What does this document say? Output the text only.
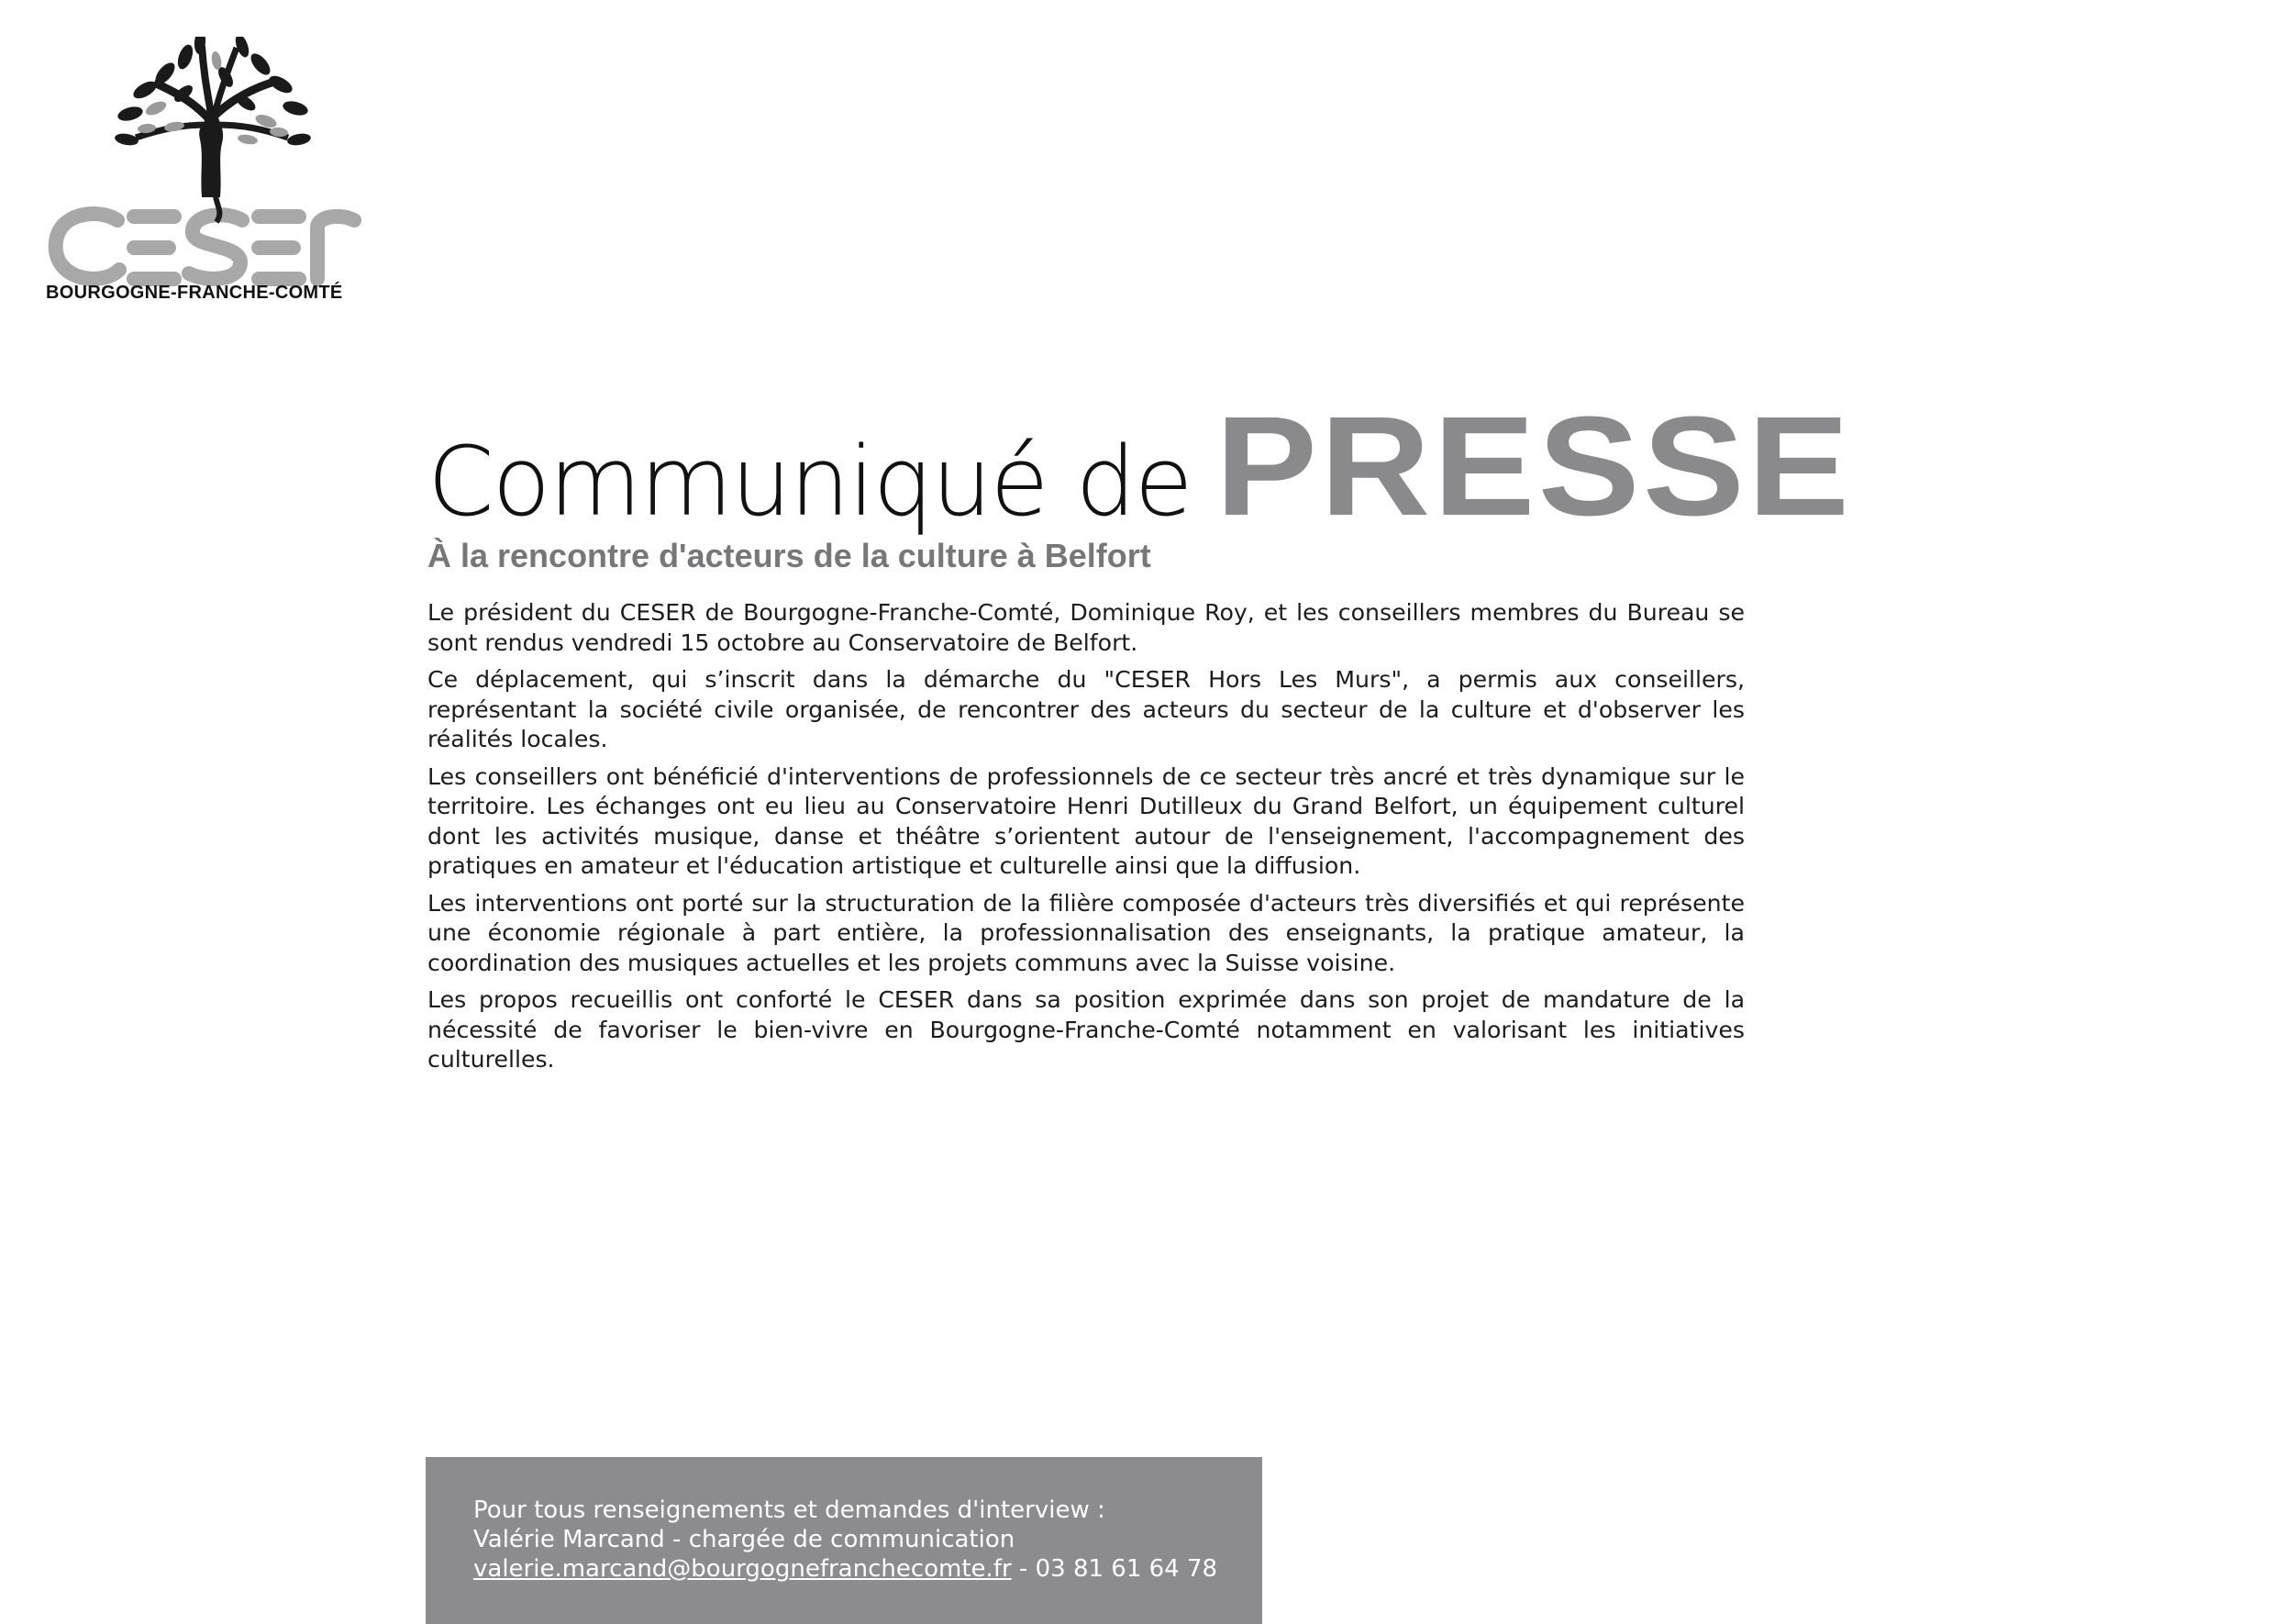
BOURGOGNE-FRANCHE-COMTÉ
Communiqué de PRESSE
À la rencontre d'acteurs de la culture à Belfort

Le président du CESER de Bourgogne-Franche-Comté, Dominique Roy, et les conseillers membres du Bureau se sont rendus vendredi 15 octobre au Conservatoire de Belfort.

Ce déplacement, qui s’inscrit dans la démarche du "CESER Hors Les Murs", a permis aux conseillers, représentant la société civile organisée, de rencontrer des acteurs du secteur de la culture et d'observer les réalités locales.

Les conseillers ont bénéficié d'interventions de professionnels de ce secteur très ancré et très dynamique sur le territoire. Les échanges ont eu lieu au Conservatoire Henri Dutilleux du Grand Belfort, un équipement culturel dont les activités musique, danse et théâtre s’orientent autour de l'enseignement, l'accompagnement des pratiques en amateur et l'éducation artistique et culturelle ainsi que la diffusion.

Les interventions ont porté sur la structuration de la filière composée d'acteurs très diversifiés et qui représente une économie régionale à part entière, la professionnalisation des enseignants, la pratique amateur, la coordination des musiques actuelles et les projets communs avec la Suisse voisine.

Les propos recueillis ont conforté le CESER dans sa position exprimée dans son projet de mandature de la nécessité de favoriser le bien-vivre en Bourgogne-Franche-Comté notamment en valorisant les initiatives culturelles.

Pour tous renseignements et demandes d'interview :
Valérie Marcand - chargée de communication
valerie.marcand@bourgognefranchecomte.fr - 03 81 61 64 78
